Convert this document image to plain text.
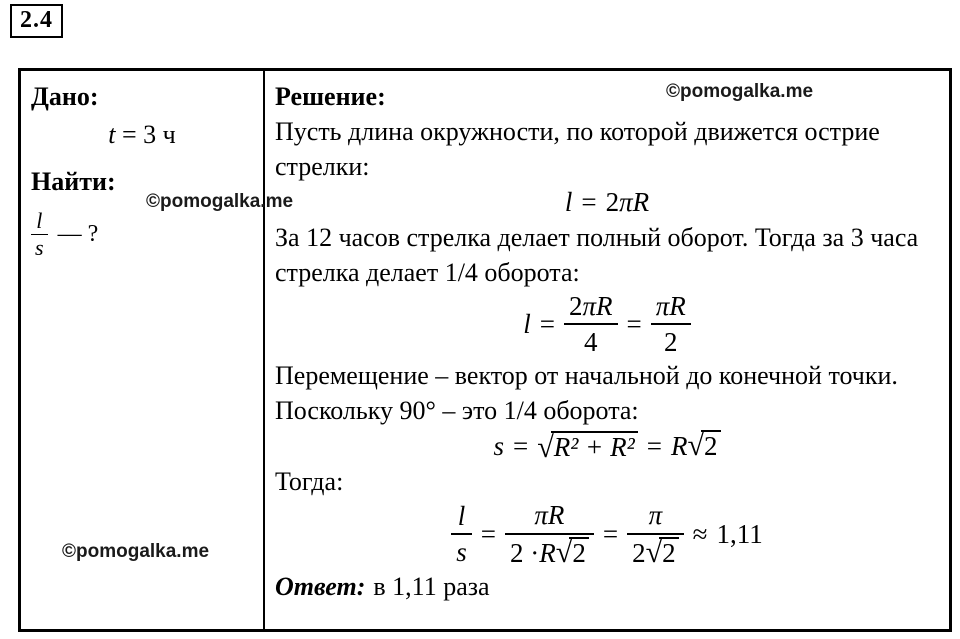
2.4
Дано:
t = 3 ч
Найти:
$\frac{l}{s}$ — ?
Решение:
Пусть длина окружности, по которой движется острие стрелки:
l = 2 πR
За 12 часов стрелка делает полный оборот. Тогда за 3 часа стрелка делает 1/4 оборота:
$l = \frac{2\pi R}{4} = \frac{\pi R}{2}$
Перемещение – вектор от начальной до конечной точки. Поскольку 90° – это 1/4 оборота:
s = √ R² + R² = R √ 2
Тогда:
$\frac{l}{s} = \frac{\pi R}{2 \cdot R √ 2} = \frac{\pi}{2 √ 2} \approx 1,11$
Ответ: в 1,11 раза
©pomogalka.me
©pomogalka.me
©pomogalka.me
